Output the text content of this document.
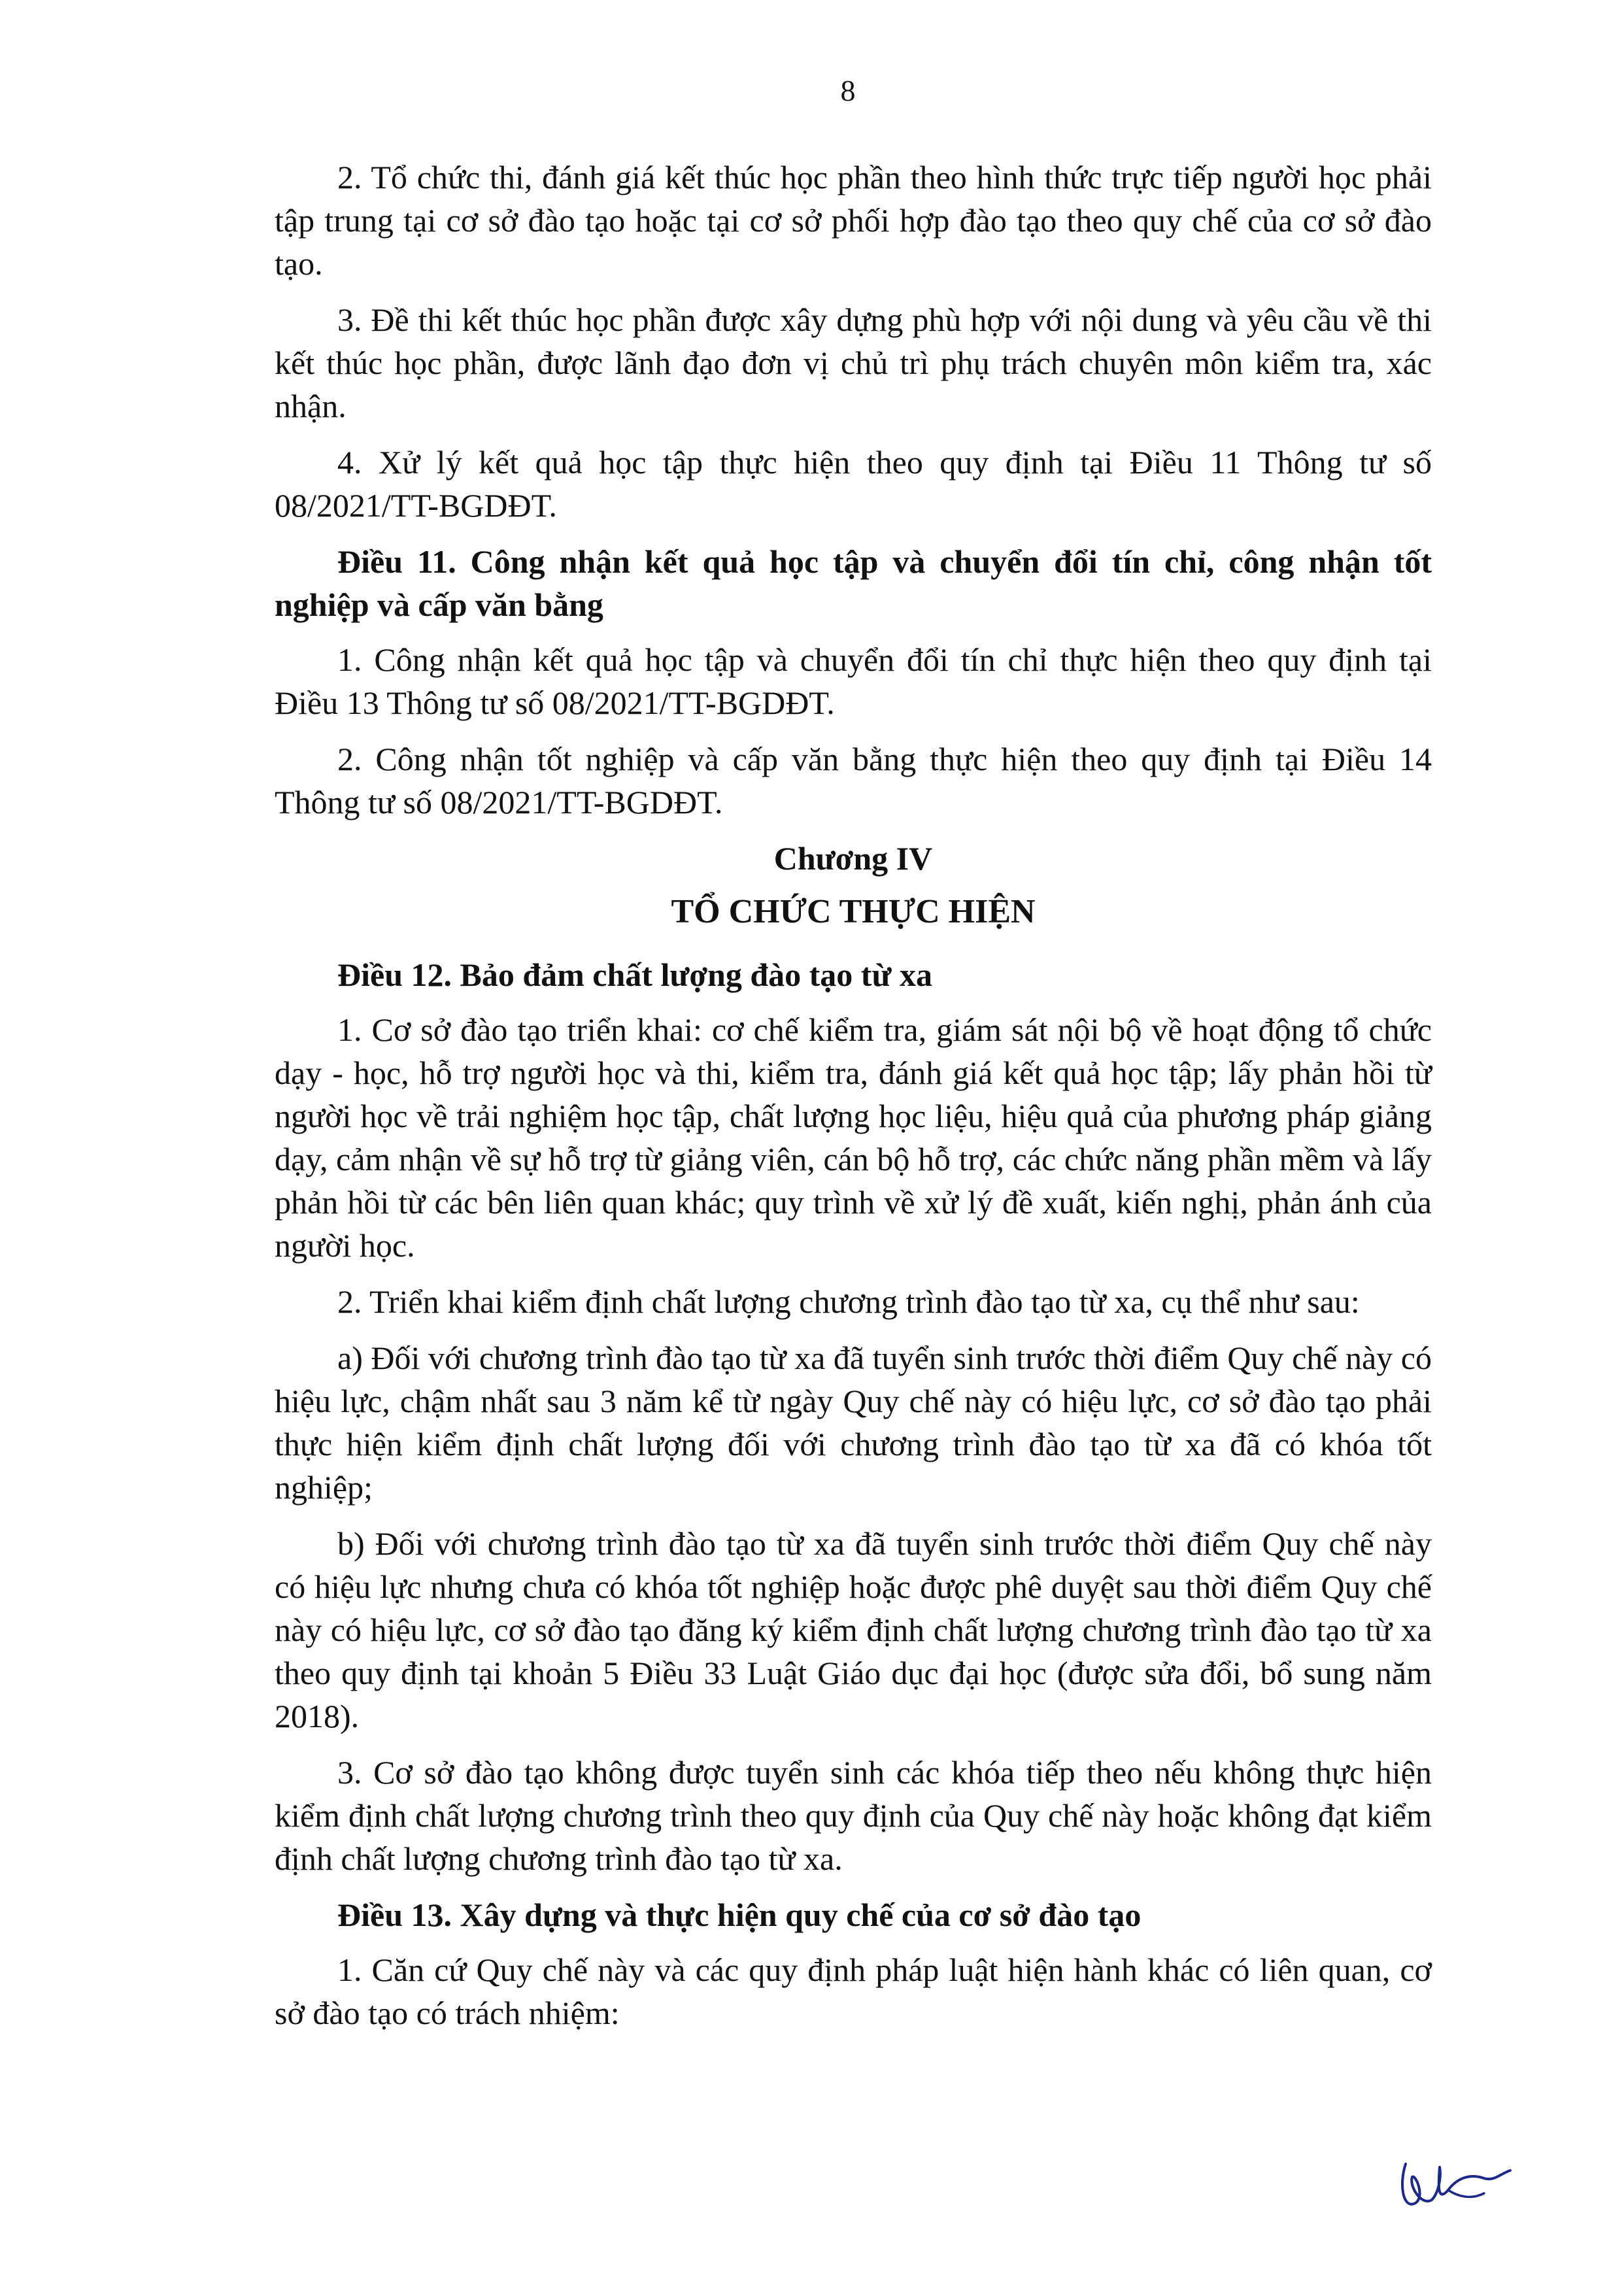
8

2. Tổ chức thi, đánh giá kết thúc học phần theo hình thức trực tiếp người học phải tập trung tại cơ sở đào tạo hoặc tại cơ sở phối hợp đào tạo theo quy chế của cơ sở đào tạo.

3. Đề thi kết thúc học phần được xây dựng phù hợp với nội dung và yêu cầu về thi kết thúc học phần, được lãnh đạo đơn vị chủ trì phụ trách chuyên môn kiểm tra, xác nhận.

4. Xử lý kết quả học tập thực hiện theo quy định tại Điều 11 Thông tư số 08/2021/TT-BGDĐT.

Điều 11. Công nhận kết quả học tập và chuyển đổi tín chỉ, công nhận tốt nghiệp và cấp văn bằng

1. Công nhận kết quả học tập và chuyển đổi tín chỉ thực hiện theo quy định tại Điều 13 Thông tư số 08/2021/TT-BGDĐT.

2. Công nhận tốt nghiệp và cấp văn bằng thực hiện theo quy định tại Điều 14 Thông tư số 08/2021/TT-BGDĐT.

Chương IV
TỔ CHỨC THỰC HIỆN

Điều 12. Bảo đảm chất lượng đào tạo từ xa

1. Cơ sở đào tạo triển khai: cơ chế kiểm tra, giám sát nội bộ về hoạt động tổ chức dạy - học, hỗ trợ người học và thi, kiểm tra, đánh giá kết quả học tập; lấy phản hồi từ người học về trải nghiệm học tập, chất lượng học liệu, hiệu quả của phương pháp giảng dạy, cảm nhận về sự hỗ trợ từ giảng viên, cán bộ hỗ trợ, các chức năng phần mềm và lấy phản hồi từ các bên liên quan khác; quy trình về xử lý đề xuất, kiến nghị, phản ánh của người học.

2. Triển khai kiểm định chất lượng chương trình đào tạo từ xa, cụ thể như sau:

a) Đối với chương trình đào tạo từ xa đã tuyển sinh trước thời điểm Quy chế này có hiệu lực, chậm nhất sau 3 năm kể từ ngày Quy chế này có hiệu lực, cơ sở đào tạo phải thực hiện kiểm định chất lượng đối với chương trình đào tạo từ xa đã có khóa tốt nghiệp;

b) Đối với chương trình đào tạo từ xa đã tuyển sinh trước thời điểm Quy chế này có hiệu lực nhưng chưa có khóa tốt nghiệp hoặc được phê duyệt sau thời điểm Quy chế này có hiệu lực, cơ sở đào tạo đăng ký kiểm định chất lượng chương trình đào tạo từ xa theo quy định tại khoản 5 Điều 33 Luật Giáo dục đại học (được sửa đổi, bổ sung năm 2018).

3. Cơ sở đào tạo không được tuyển sinh các khóa tiếp theo nếu không thực hiện kiểm định chất lượng chương trình theo quy định của Quy chế này hoặc không đạt kiểm định chất lượng chương trình đào tạo từ xa.

Điều 13. Xây dựng và thực hiện quy chế của cơ sở đào tạo

1. Căn cứ Quy chế này và các quy định pháp luật hiện hành khác có liên quan, cơ sở đào tạo có trách nhiệm:
